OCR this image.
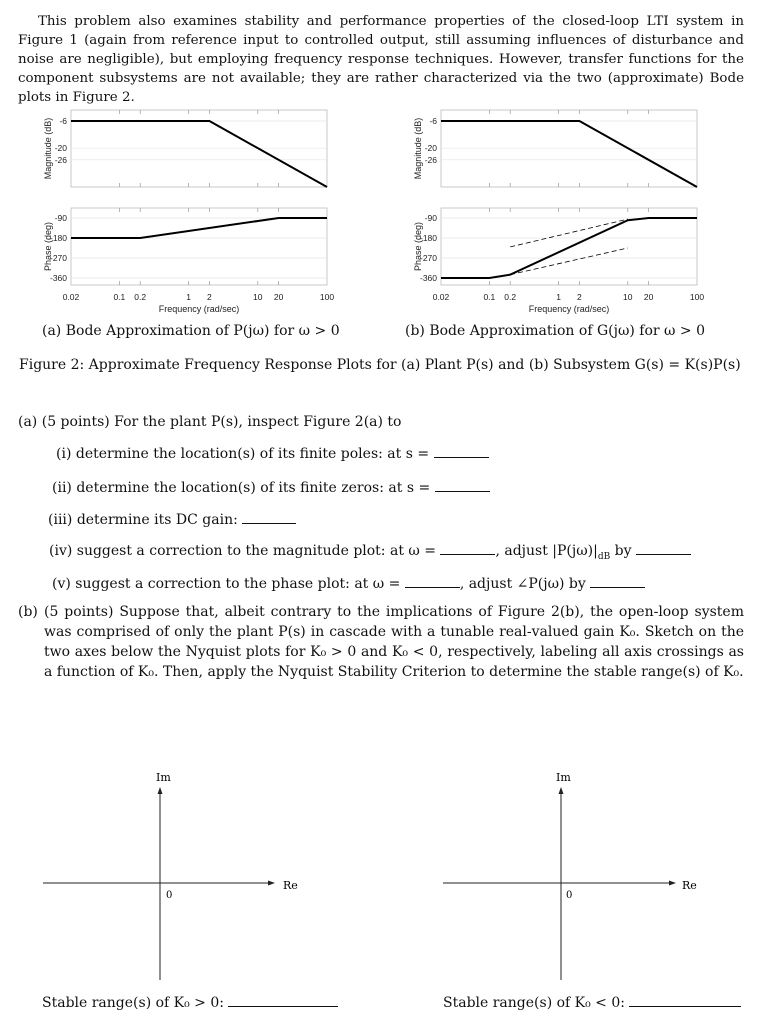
This problem also examines stability and performance properties of the closed-loop LTI system in Figure 1 (again from reference input to controlled output, still assuming influences of disturbance and noise are negligible), but employing frequency response techniques. However, transfer functions for the component subsystems are not available; they are rather characterized via the two (approximate) Bode plots in Figure 2.
-6
-20
-26
-90
-180
-270
-360
0.02	0.1 0.2	1 2	10 20	100
Magnitude (dB)
Phase (deg)
Frequency (rad/sec)
-6
-20
-26
-90
-180
-270
-360
0.02	0.1 0.2	1 2	10 20	100
Magnitude (dB)
Phase (deg)
Frequency (rad/sec)
(a) Bode Approximation of P(jω) for ω > 0	(b) Bode Approximation of G(jω) for ω > 0
Figure 2: Approximate Frequency Response Plots for (a) Plant P(s) and (b) Subsystem G(s) = K(s)P(s)
(a) (5 points) For the plant P(s), inspect Figure 2(a) to
(i) determine the location(s) of its finite poles: at s =
(ii) determine the location(s) of its finite zeros: at s =
(iii) determine its DC gain:
(iv) suggest a correction to the magnitude plot: at ω =	, adjust $|P(j\omega)|_{dB}$ by
(v) suggest a correction to the phase plot: at ω =	, adjust ∠P(jω) by
(b) (5 points) Suppose that, albeit contrary to the implications of Figure 2(b), the open-loop system was comprised of only the plant P(s) in cascade with a tunable real-valued gain K₀. Sketch on the two axes below the Nyquist plots for K₀ > 0 and K₀ < 0, respectively, labeling all axis crossings as a function of K₀. Then, apply the Nyquist Stability Criterion to determine the stable range(s) of K₀.
Im
Re
0
Im
Re
0
Stable range(s) of K₀ > 0:	Stable range(s) of K₀ < 0:
